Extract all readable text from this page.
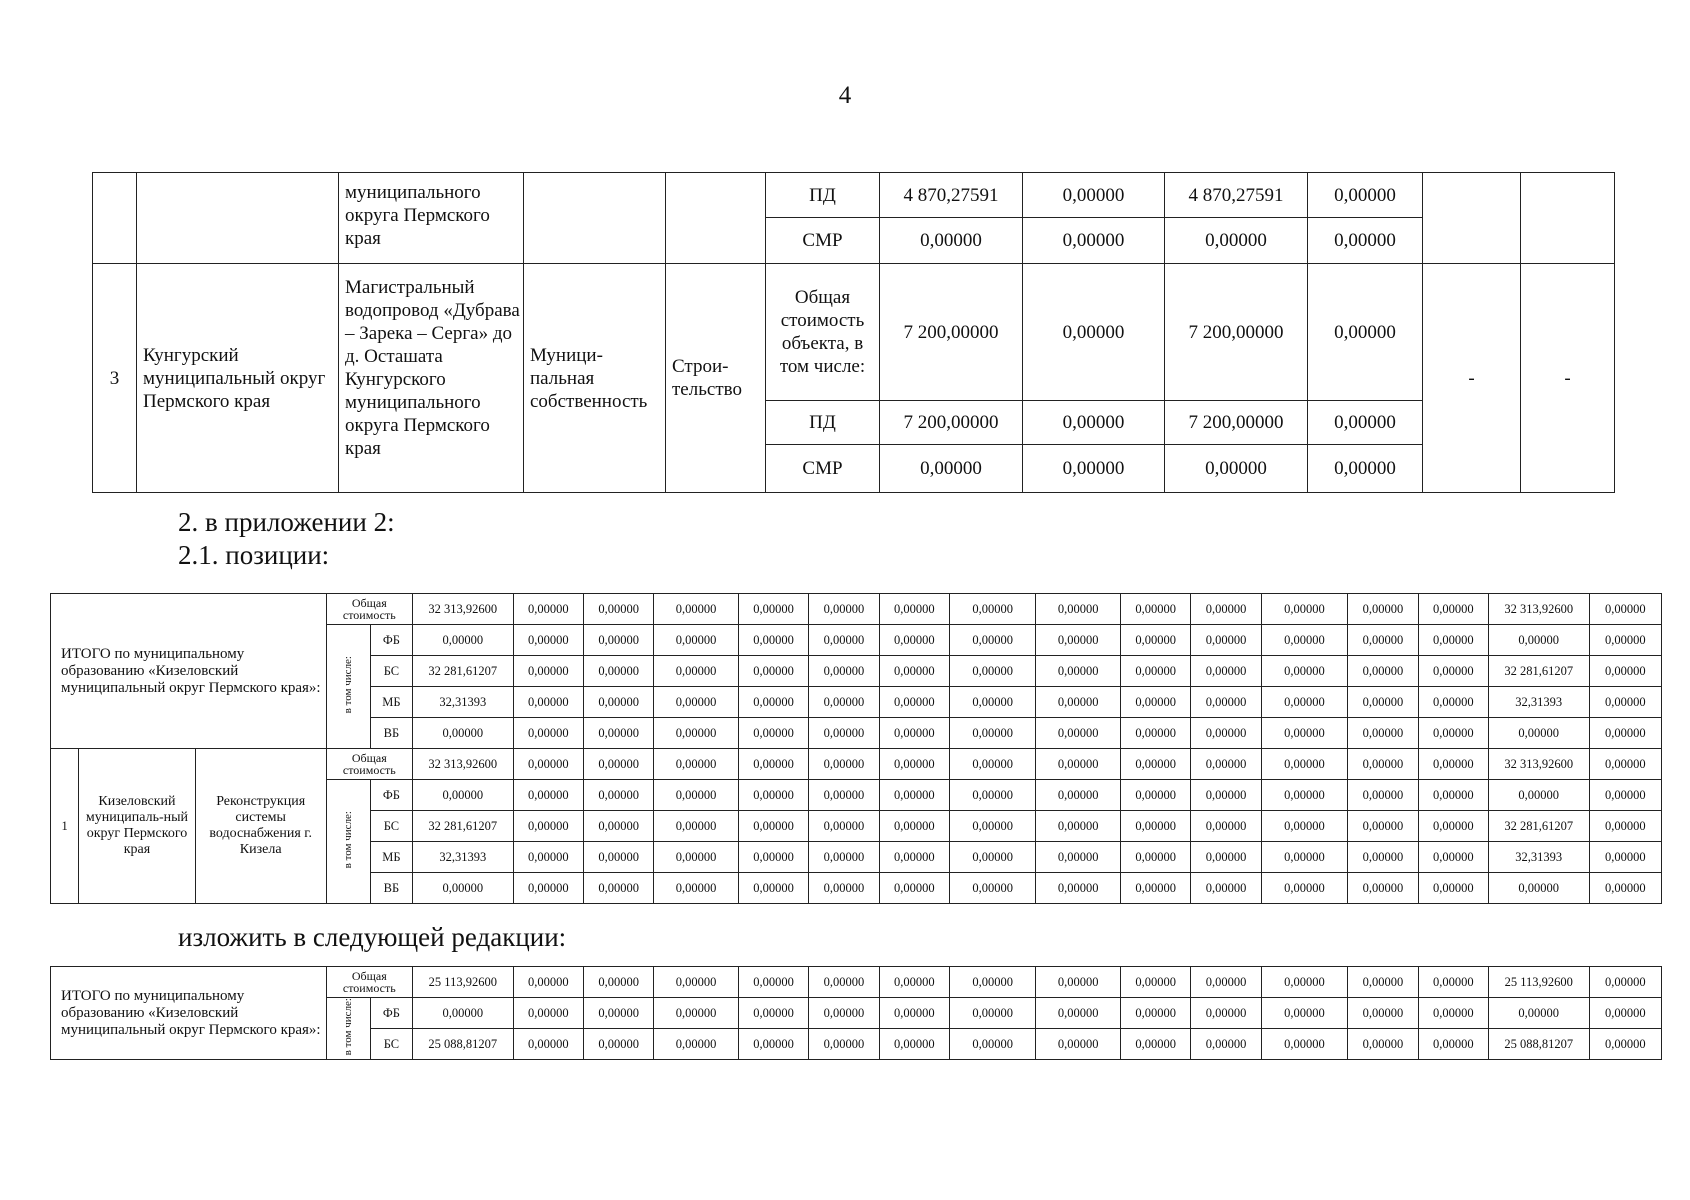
4
		муниципального округа Пермского края			ПД	4 870,27591	0,00000	4 870,27591	0,00000		
					СМР	0,00000	0,00000	0,00000	0,00000		
3	Кунгурский муниципальный округ Пермского края	Магистральный водопровод «Дубрава – Зарека – Серга» до д. Осташата Кунгурского муниципального округа Пермского края	Муници-пальная собственность	Строи-тельство	Общая стоимость объекта, в том числе:	7 200,00000	0,00000	7 200,00000	0,00000	-	-
					ПД	7 200,00000	0,00000	7 200,00000	0,00000		
					СМР	0,00000	0,00000	0,00000	0,00000		
2. в приложении 2:
2.1. позиции:
ИТОГО по муниципальному образованию «Кизеловский муниципальный округ Пермского края»:			Общая стоимость		32 313,92600	0,00000	0,00000	0,00000	0,00000	0,00000	0,00000	0,00000	0,00000	0,00000	0,00000	0,00000	0,00000	0,00000	32 313,92600	0,00000
			в том числе:	ФБ	0,00000	0,00000	0,00000	0,00000	0,00000	0,00000	0,00000	0,00000	0,00000	0,00000	0,00000	0,00000	0,00000	0,00000	0,00000	0,00000
				БС	32 281,61207	0,00000	0,00000	0,00000	0,00000	0,00000	0,00000	0,00000	0,00000	0,00000	0,00000	0,00000	0,00000	0,00000	32 281,61207	0,00000
				МБ	32,31393	0,00000	0,00000	0,00000	0,00000	0,00000	0,00000	0,00000	0,00000	0,00000	0,00000	0,00000	0,00000	0,00000	32,31393	0,00000
				ВБ	0,00000	0,00000	0,00000	0,00000	0,00000	0,00000	0,00000	0,00000	0,00000	0,00000	0,00000	0,00000	0,00000	0,00000	0,00000	0,00000
1	Кизеловский муниципаль-ный округ Пермского края	Реконструкция системы водоснабжения г. Кизела	Общая стоимость		32 313,92600	0,00000	0,00000	0,00000	0,00000	0,00000	0,00000	0,00000	0,00000	0,00000	0,00000	0,00000	0,00000	0,00000	32 313,92600	0,00000
			в том числе:	ФБ	0,00000	0,00000	0,00000	0,00000	0,00000	0,00000	0,00000	0,00000	0,00000	0,00000	0,00000	0,00000	0,00000	0,00000	0,00000	0,00000
				БС	32 281,61207	0,00000	0,00000	0,00000	0,00000	0,00000	0,00000	0,00000	0,00000	0,00000	0,00000	0,00000	0,00000	0,00000	32 281,61207	0,00000
				МБ	32,31393	0,00000	0,00000	0,00000	0,00000	0,00000	0,00000	0,00000	0,00000	0,00000	0,00000	0,00000	0,00000	0,00000	32,31393	0,00000
				ВБ	0,00000	0,00000	0,00000	0,00000	0,00000	0,00000	0,00000	0,00000	0,00000	0,00000	0,00000	0,00000	0,00000	0,00000	0,00000	0,00000
изложить в следующей редакции:
ИТОГО по муниципальному образованию «Кизеловский муниципальный округ Пермского края»:	Общая стоимость		25 113,92600	0,00000	0,00000	0,00000	0,00000	0,00000	0,00000	0,00000	0,00000	0,00000	0,00000	0,00000	0,00000	0,00000	25 113,92600	0,00000
	в том числе:	ФБ	0,00000	0,00000	0,00000	0,00000	0,00000	0,00000	0,00000	0,00000	0,00000	0,00000	0,00000	0,00000	0,00000	0,00000	0,00000	0,00000
		БС	25 088,81207	0,00000	0,00000	0,00000	0,00000	0,00000	0,00000	0,00000	0,00000	0,00000	0,00000	0,00000	0,00000	0,00000	25 088,81207	0,00000
